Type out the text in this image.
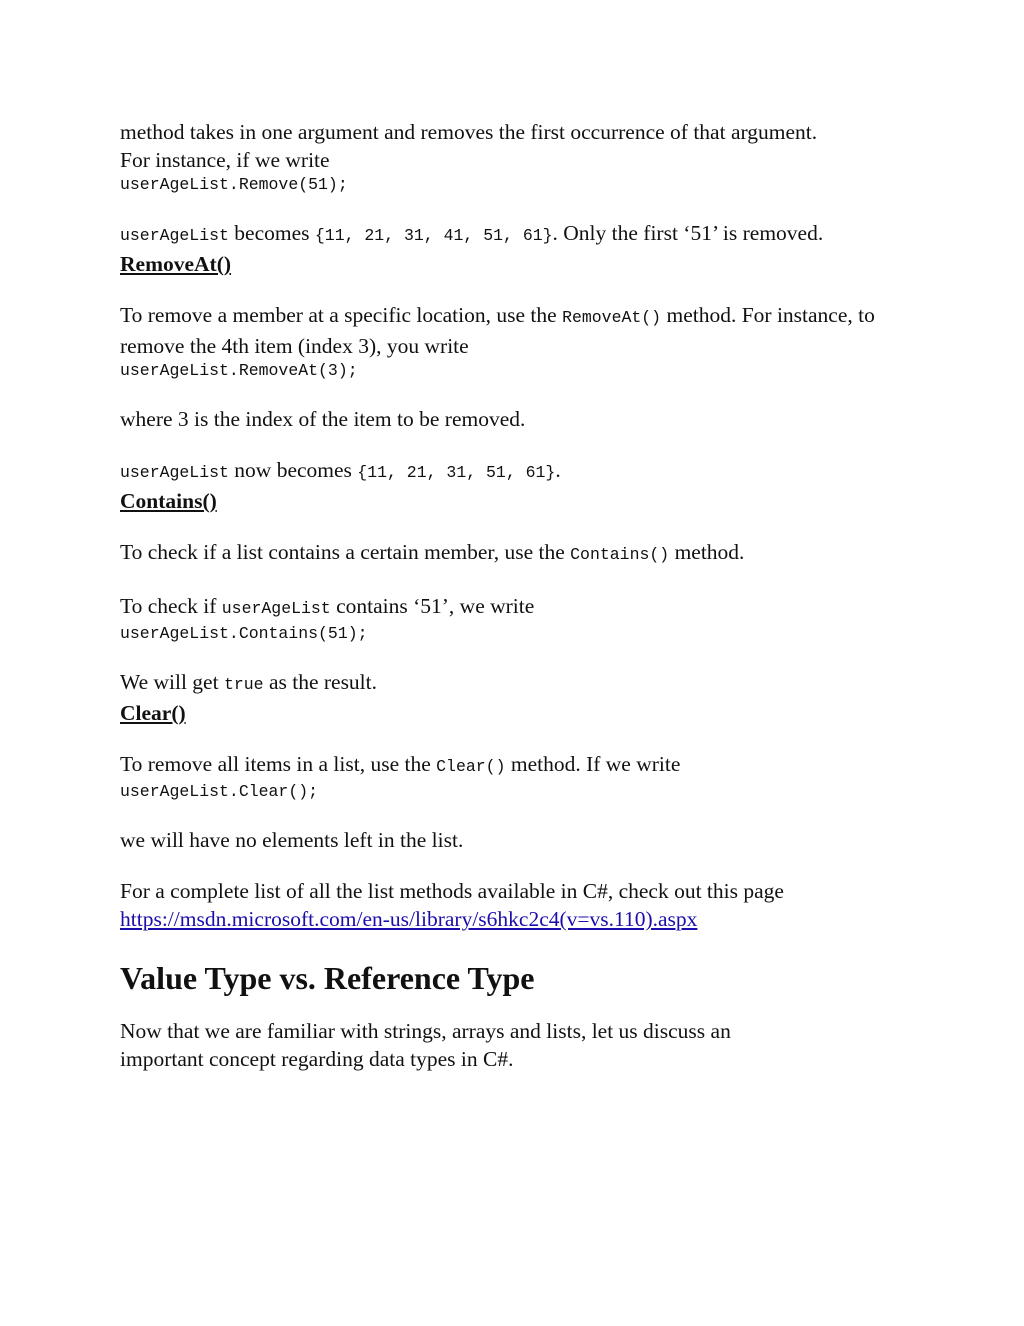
method takes in one argument and removes the first occurrence of that argument.
For instance, if we write

userAgeList.Remove(51);

userAgeList becomes {11, 21, 31, 41, 51, 61}. Only the first ‘51’ is removed.

RemoveAt()

To remove a member at a specific location, use the RemoveAt() method. For instance, to remove the 4th item (index 3), you write

userAgeList.RemoveAt(3);

where 3 is the index of the item to be removed.

userAgeList now becomes {11, 21, 31, 51, 61}.

Contains()

To check if a list contains a certain member, use the Contains() method.

To check if userAgeList contains ‘51’, we write

userAgeList.Contains(51);

We will get true as the result.

Clear()

To remove all items in a list, use the Clear() method. If we write

userAgeList.Clear();

we will have no elements left in the list.

For a complete list of all the list methods available in C#, check out this page
https://msdn.microsoft.com/en-us/library/s6hkc2c4(v=vs.110).aspx

Value Type vs. Reference Type

Now that we are familiar with strings, arrays and lists, let us discuss an
important concept regarding data types in C#.
